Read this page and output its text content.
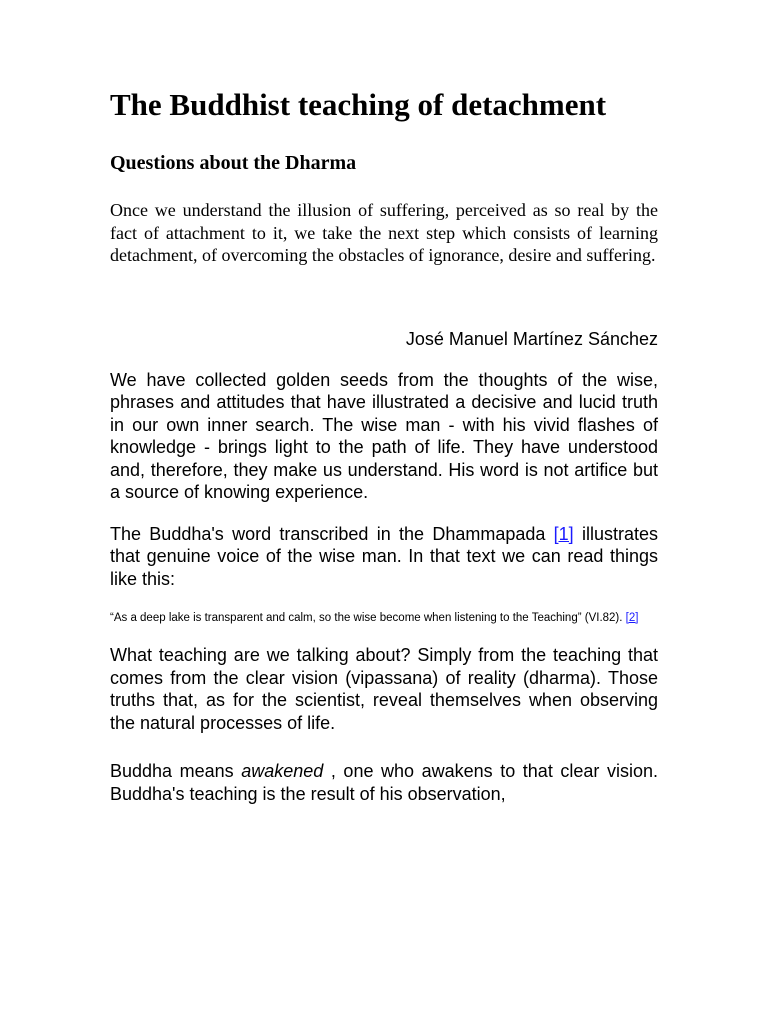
The Buddhist teaching of detachment
Questions about the Dharma

Once we understand the illusion of suffering, perceived as so real by the fact of attachment to it, we take the next step which consists of learning detachment, of overcoming the obstacles of ignorance, desire and suffering.

José Manuel Martínez Sánchez

We have collected golden seeds from the thoughts of the wise, phrases and attitudes that have illustrated a decisive and lucid truth in our own inner search. The wise man - with his vivid flashes of knowledge - brings light to the path of life. They have understood and, therefore, they make us understand. His word is not artifice but a source of knowing experience.

The Buddha's word transcribed in the Dhammapada [1] illustrates that genuine voice of the wise man. In that text we can read things like this:

“As a deep lake is transparent and calm, so the wise become when listening to the Teaching” (VI.82). [2]

What teaching are we talking about? Simply from the teaching that comes from the clear vision (vipassana) of reality (dharma). Those truths that, as for the scientist, reveal themselves when observing the natural processes of life.

Buddha means awakened , one who awakens to that clear vision. Buddha's teaching is the result of his observation,
